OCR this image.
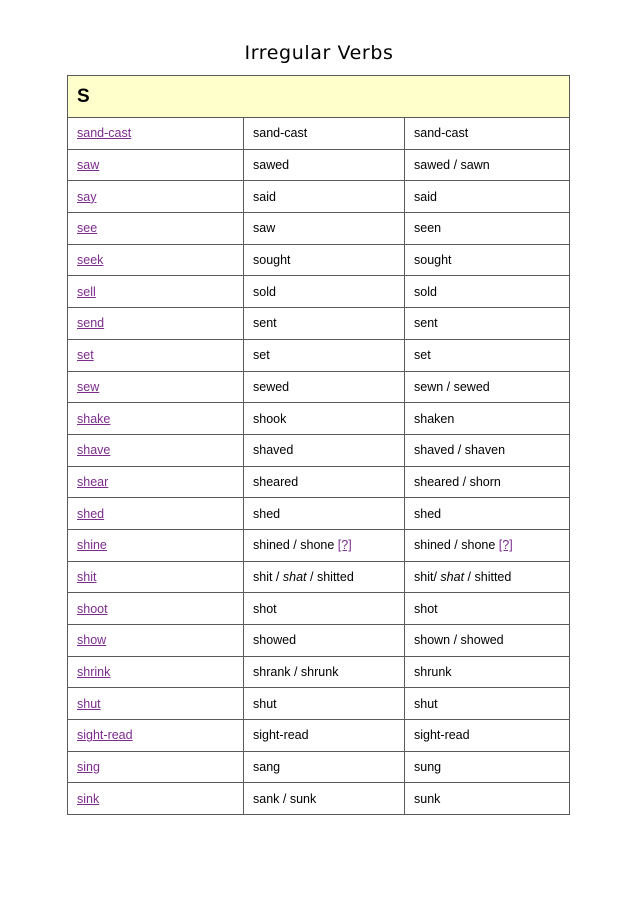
Irregular Verbs
S		
sand-cast	sand-cast	sand-cast
saw	sawed	sawed / sawn
say	said	said
see	saw	seen
seek	sought	sought
sell	sold	sold
send	sent	sent
set	set	set
sew	sewed	sewn / sewed
shake	shook	shaken
shave	shaved	shaved / shaven
shear	sheared	sheared / shorn
shed	shed	shed
shine	shined / shone [?]	shined / shone [?]
shit	shit / shat / shitted	shit/ shat / shitted
shoot	shot	shot
show	showed	shown / showed
shrink	shrank / shrunk	shrunk
shut	shut	shut
sight-read	sight-read	sight-read
sing	sang	sung
sink	sank / sunk	sunk
